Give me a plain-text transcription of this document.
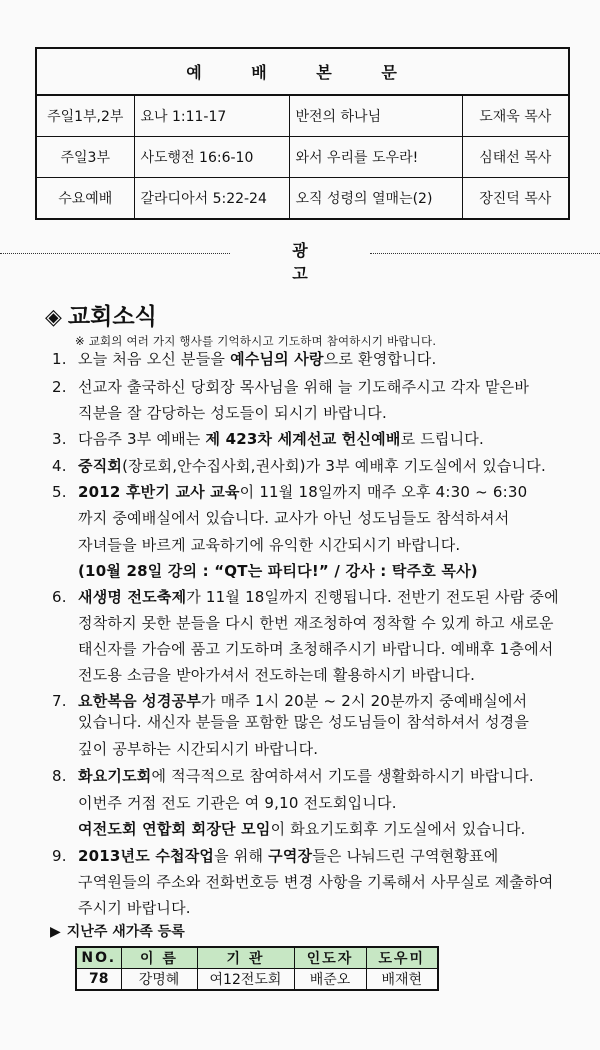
예 배 본 문			
주일1부,2부	요나 1:11-17	반전의 하나님	도재욱 목사
주일3부	사도행전 16:6-10	와서 우리를 도우라!	심태선 목사
수요예배	갈라디아서 5:22-24	오직 성령의 열매는(2)	장진덕 목사
광 고
◈ 교회소식
※ 교회의 여러 가지 행사를 기억하시고 기도하며 참여하시기 바랍니다.
1. 오늘 처음 오신 분들을 예수님의 사랑으로 환영합니다.
2. 선교자 출국하신 당회장 목사님을 위해 늘 기도해주시고 각자 맡은바
직분을 잘 감당하는 성도들이 되시기 바랍니다.
3. 다음주 3부 예배는 제 423차 세계선교 헌신예배로 드립니다.
4. 중직회(장로회,안수집사회,권사회)가 3부 예배후 기도실에서 있습니다.
5. 2012 후반기 교사 교육이 11월 18일까지 매주 오후 4:30 ~ 6:30
까지 중예배실에서 있습니다. 교사가 아닌 성도님들도 참석하셔서
자녀들을 바르게 교육하기에 유익한 시간되시기 바랍니다.
(10월 28일 강의 : “QT는 파티다!” / 강사 : 탁주호 목사)
6. 새생명 전도축제가 11월 18일까지 진행됩니다. 전반기 전도된 사람 중에
정착하지 못한 분들을 다시 한번 재조청하여 정착할 수 있게 하고 새로운
태신자를 가슴에 품고 기도하며 초청해주시기 바랍니다. 예배후 1층에서
전도용 소금을 받아가셔서 전도하는데 활용하시기 바랍니다.
7. 요한복음 성경공부가 매주 1시 20분 ~ 2시 20분까지 중예배실에서
있습니다. 새신자 분들을 포함한 많은 성도님들이 참석하셔서 성경을
깊이 공부하는 시간되시기 바랍니다.
8. 화요기도회에 적극적으로 참여하셔서 기도를 생활화하시기 바랍니다.
이번주 거점 전도 기관은 여 9,10 전도회입니다.
여전도회 연합회 회장단 모임이 화요기도회후 기도실에서 있습니다.
9. 2013년도 수첩작업을 위해 구역장들은 나눠드린 구역현황표에
구역원들의 주소와 전화번호등 변경 사항을 기록해서 사무실로 제출하여
주시기 바랍니다.
▶ 지난주 새가족 등록
NO.	이 름	기 관	인도자	도우미
78	강명혜	여12전도회	배준오	배재현
